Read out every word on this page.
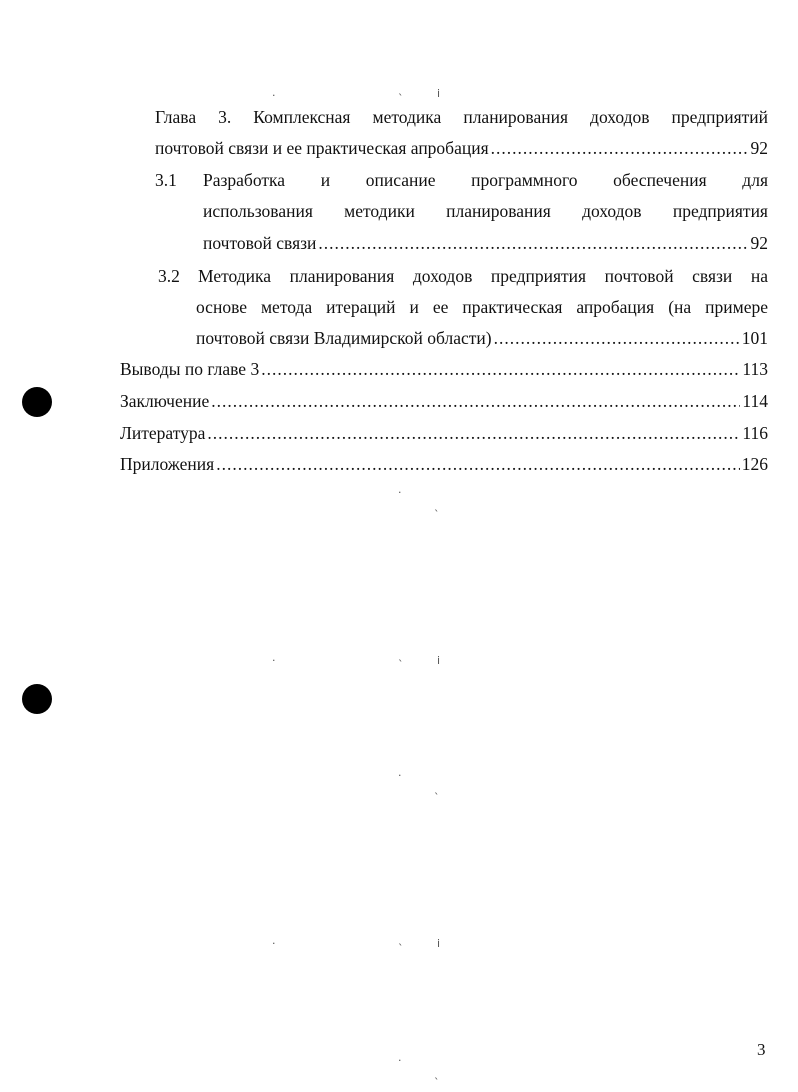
·	ˎ	ⅰ
·
ˎ
·	ˎ	ⅰ
·
ˎ
·	ˎ	ⅰ
·
ˎ
Глава 3. Комплексная методика планирования доходов предприятий
почтовой связи и ее практическая апробация .....	92
3.1	Разработка и описание программного обеспечения для
использования методики планирования доходов предприятия
почтовой связи .....	92
3.2	Методика планирования доходов предприятия почтовой связи на
основе метода итераций и ее практическая апробация (на примере
почтовой связи Владимирской области) .....	101
Выводы по главе 3 .....	113
Заключение .....	114
Литература .....	116
Приложения .....	126
3
